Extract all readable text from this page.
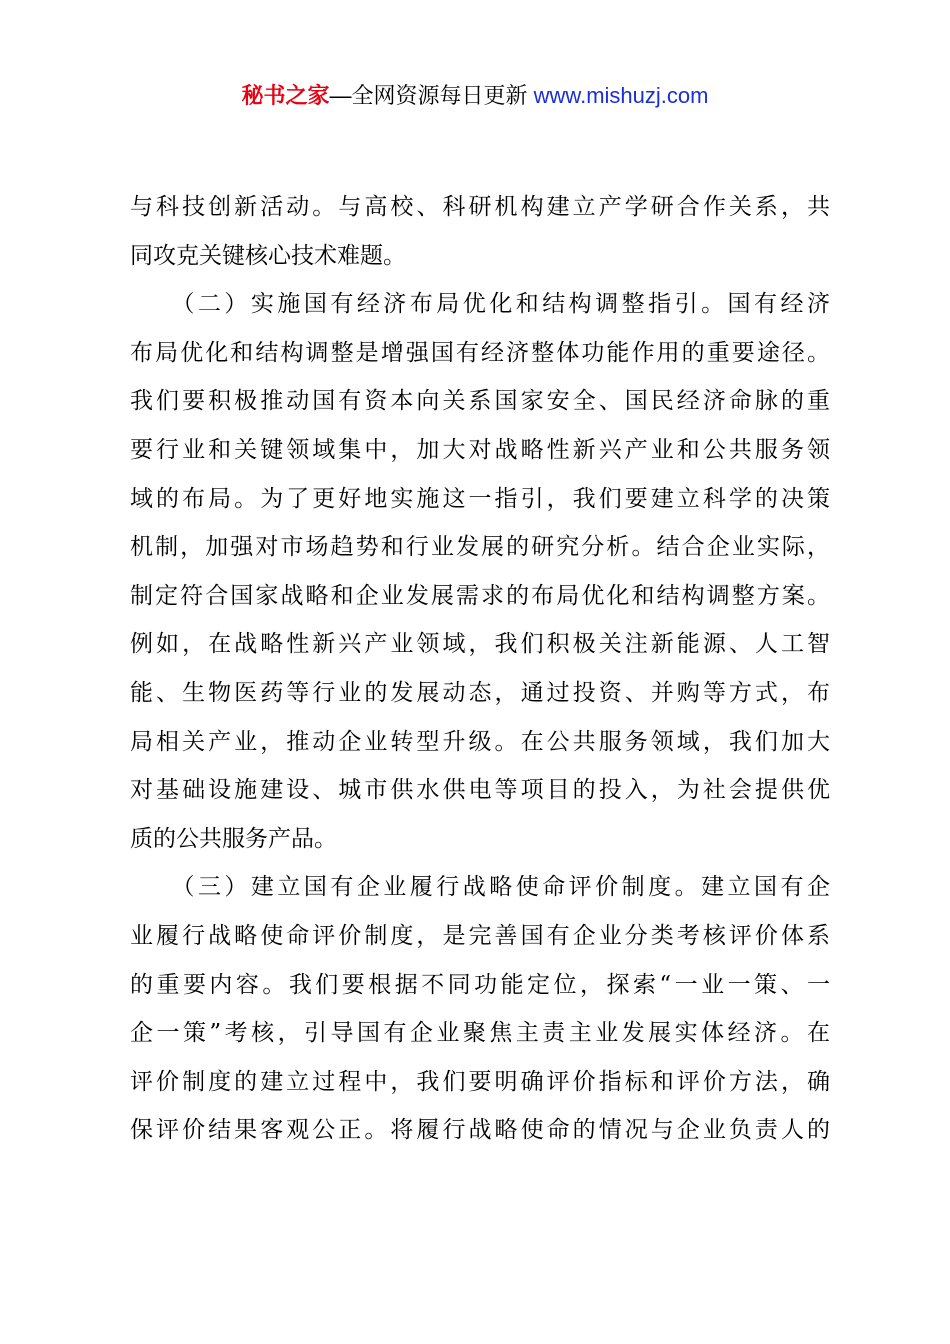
秘书之家—全网资源每日更新 www.mishuzj.com
与科技创新活动。与高校、科研机构建立产学研合作关系，共
同攻克关键核心技术难题。
　　（二）实施国有经济布局优化和结构调整指引。国有经济
布局优化和结构调整是增强国有经济整体功能作用的重要途径。
我们要积极推动国有资本向关系国家安全、国民经济命脉的重
要行业和关键领域集中，加大对战略性新兴产业和公共服务领
域的布局。为了更好地实施这一指引，我们要建立科学的决策
机制，加强对市场趋势和行业发展的研究分析。结合企业实际，
制定符合国家战略和企业发展需求的布局优化和结构调整方案。
例如，在战略性新兴产业领域，我们积极关注新能源、人工智
能、生物医药等行业的发展动态，通过投资、并购等方式，布
局相关产业，推动企业转型升级。在公共服务领域，我们加大
对基础设施建设、城市供水供电等项目的投入，为社会提供优
质的公共服务产品。
　　（三）建立国有企业履行战略使命评价制度。建立国有企
业履行战略使命评价制度，是完善国有企业分类考核评价体系
的重要内容。我们要根据不同功能定位，探索“一业一策、一
企一策”考核，引导国有企业聚焦主责主业发展实体经济。在
评价制度的建立过程中，我们要明确评价指标和评价方法，确
保评价结果客观公正。将履行战略使命的情况与企业负责人的
